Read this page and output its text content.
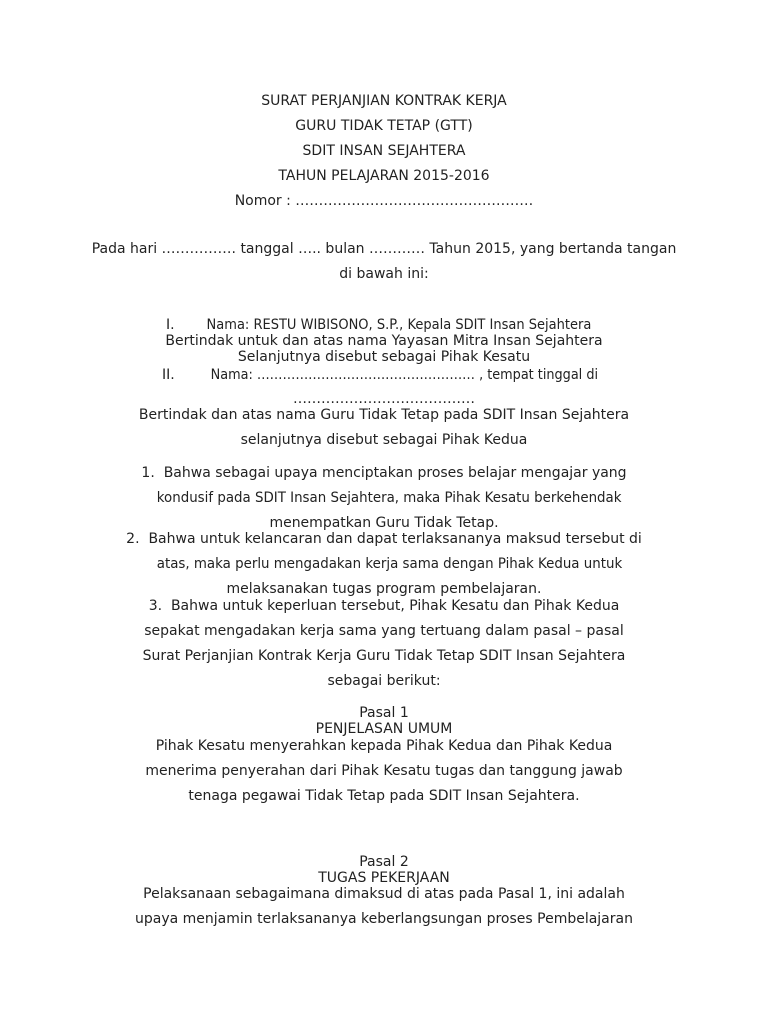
SURAT PERJANJIAN KONTRAK KERJA
GURU TIDAK TETAP (GTT)
SDIT INSAN SEJAHTERA
TAHUN PELAJARAN 2015-2016
Nomor : ……………………………………………
Pada hari ……………. tanggal ….. bulan ………… Tahun 2015, yang bertanda tangan
di bawah ini:
I.	Nama: RESTU WIBISONO, S.P., Kepala SDIT Insan Sejahtera
Bertindak untuk dan atas nama Yayasan Mitra Insan Sejahtera
Selanjutnya disebut sebagai Pihak Kesatu
II.	Nama: …………………………………………… , tempat tinggal di
…………………………………
Bertindak dan atas nama Guru Tidak Tetap pada SDIT Insan Sejahtera
selanjutnya disebut sebagai Pihak Kedua
1. Bahwa sebagai upaya menciptakan proses belajar mengajar yang
kondusif pada SDIT Insan Sejahtera, maka Pihak Kesatu berkehendak
menempatkan Guru Tidak Tetap.
2. Bahwa untuk kelancaran dan dapat terlaksananya maksud tersebut di
atas, maka perlu mengadakan kerja sama dengan Pihak Kedua untuk
melaksanakan tugas program pembelajaran.
3. Bahwa untuk keperluan tersebut, Pihak Kesatu dan Pihak Kedua
sepakat mengadakan kerja sama yang tertuang dalam pasal – pasal
Surat Perjanjian Kontrak Kerja Guru Tidak Tetap SDIT Insan Sejahtera
sebagai berikut:
Pasal 1
PENJELASAN UMUM
Pihak Kesatu menyerahkan kepada Pihak Kedua dan Pihak Kedua
menerima penyerahan dari Pihak Kesatu tugas dan tanggung jawab
tenaga pegawai Tidak Tetap pada SDIT Insan Sejahtera.
Pasal 2
TUGAS PEKERJAAN
Pelaksanaan sebagaimana dimaksud di atas pada Pasal 1, ini adalah
upaya menjamin terlaksananya keberlangsungan proses Pembelajaran
